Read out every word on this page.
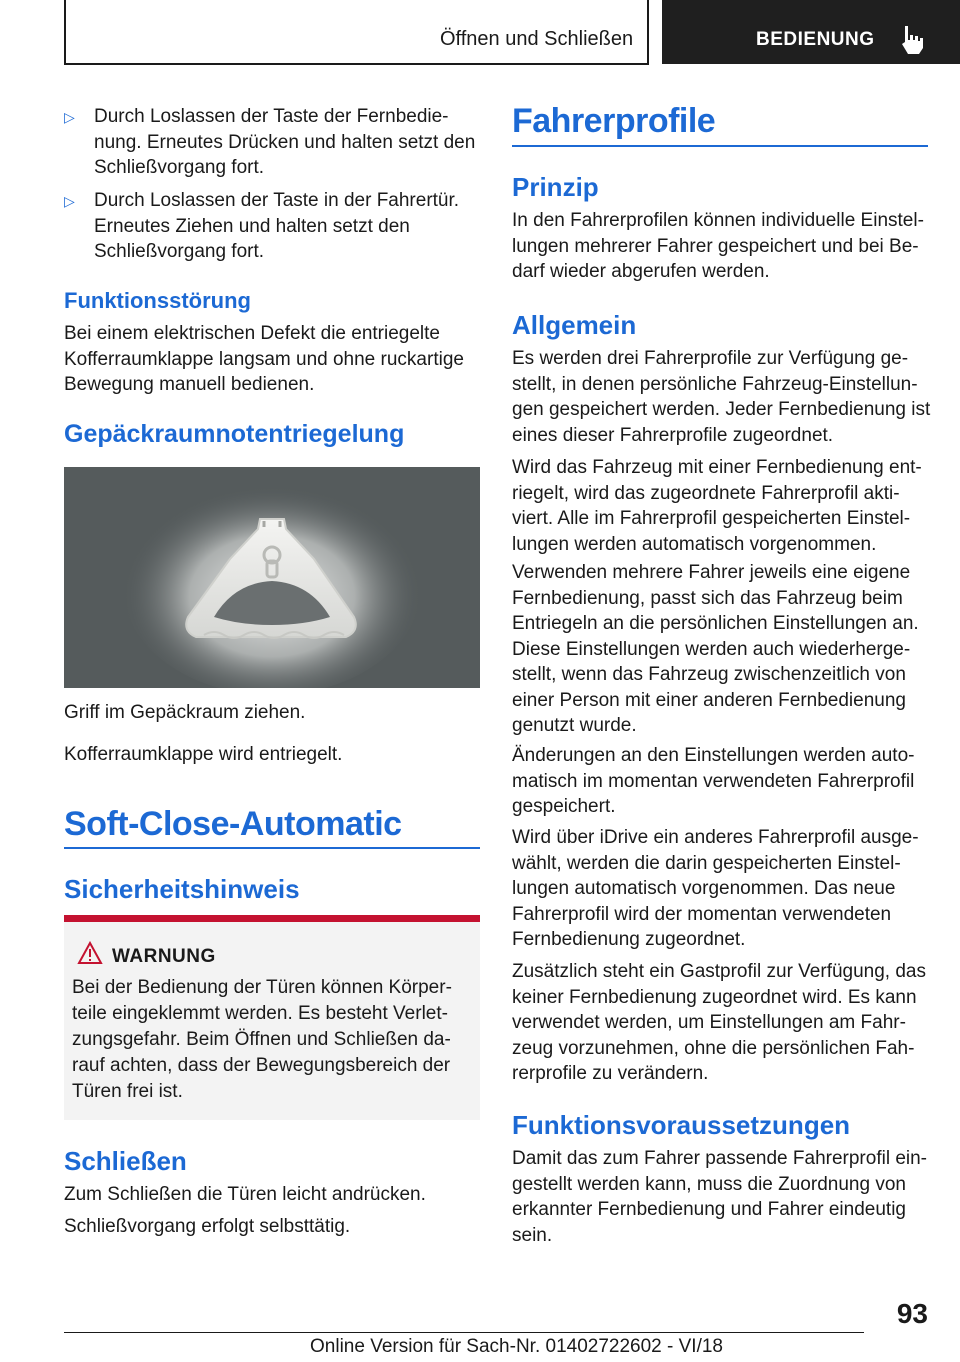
Öffnen und Schließen	BEDIENUNG
▷ Durch Loslassen der Taste der Fernbedie‐ nung. Erneutes Drücken und halten setzt den Schließvorgang fort.
▷ Durch Loslassen der Taste in der Fahrertür. Erneutes Ziehen und halten setzt den Schließvorgang fort.
Funktionsstörung
Bei einem elektrischen Defekt die entriegelte Kofferraumklappe langsam und ohne ruckartige Bewegung manuell bedienen.
Gepäckraumnotentriegelung
Griff im Gepäckraum ziehen.
Kofferraumklappe wird entriegelt.
Soft-Close-Automatic
Sicherheitshinweis
WARNUNG
Bei der Bedienung der Türen können Körper‐ teile eingeklemmt werden. Es besteht Verlet‐ zungsgefahr. Beim Öffnen und Schließen da‐ rauf achten, dass der Bewegungsbereich der Türen frei ist.
Schließen
Zum Schließen die Türen leicht andrücken.
Schließvorgang erfolgt selbsttätig.
Fahrerprofile
Prinzip
In den Fahrerprofilen können individuelle Einstel‐ lungen mehrerer Fahrer gespeichert und bei Be‐ darf wieder abgerufen werden.
Allgemein
Es werden drei Fahrerprofile zur Verfügung ge‐ stellt, in denen persönliche Fahrzeug-Einstellun‐ gen gespeichert werden. Jeder Fernbedienung ist eines dieser Fahrerprofile zugeordnet.
Wird das Fahrzeug mit einer Fernbedienung ent‐ riegelt, wird das zugeordnete Fahrerprofil akti‐ viert. Alle im Fahrerprofil gespeicherten Einstel‐ lungen werden automatisch vorgenommen.
Verwenden mehrere Fahrer jeweils eine eigene Fernbedienung, passt sich das Fahrzeug beim Entriegeln an die persönlichen Einstellungen an. Diese Einstellungen werden auch wiederherge‐ stellt, wenn das Fahrzeug zwischenzeitlich von einer Person mit einer anderen Fernbedienung genutzt wurde.
Änderungen an den Einstellungen werden auto‐ matisch im momentan verwendeten Fahrerprofil gespeichert.
Wird über iDrive ein anderes Fahrerprofil ausge‐ wählt, werden die darin gespeicherten Einstel‐ lungen automatisch vorgenommen. Das neue Fahrerprofil wird der momentan verwendeten Fernbedienung zugeordnet.
Zusätzlich steht ein Gastprofil zur Verfügung, das keiner Fernbedienung zugeordnet wird. Es kann verwendet werden, um Einstellungen am Fahr‐ zeug vorzunehmen, ohne die persönlichen Fah‐ rerprofile zu verändern.
Funktionsvoraussetzungen
Damit das zum Fahrer passende Fahrerprofil ein‐ gestellt werden kann, muss die Zuordnung von erkannter Fernbedienung und Fahrer eindeutig sein.
93
Online Version für Sach-Nr. 01402722602 - VI/18
